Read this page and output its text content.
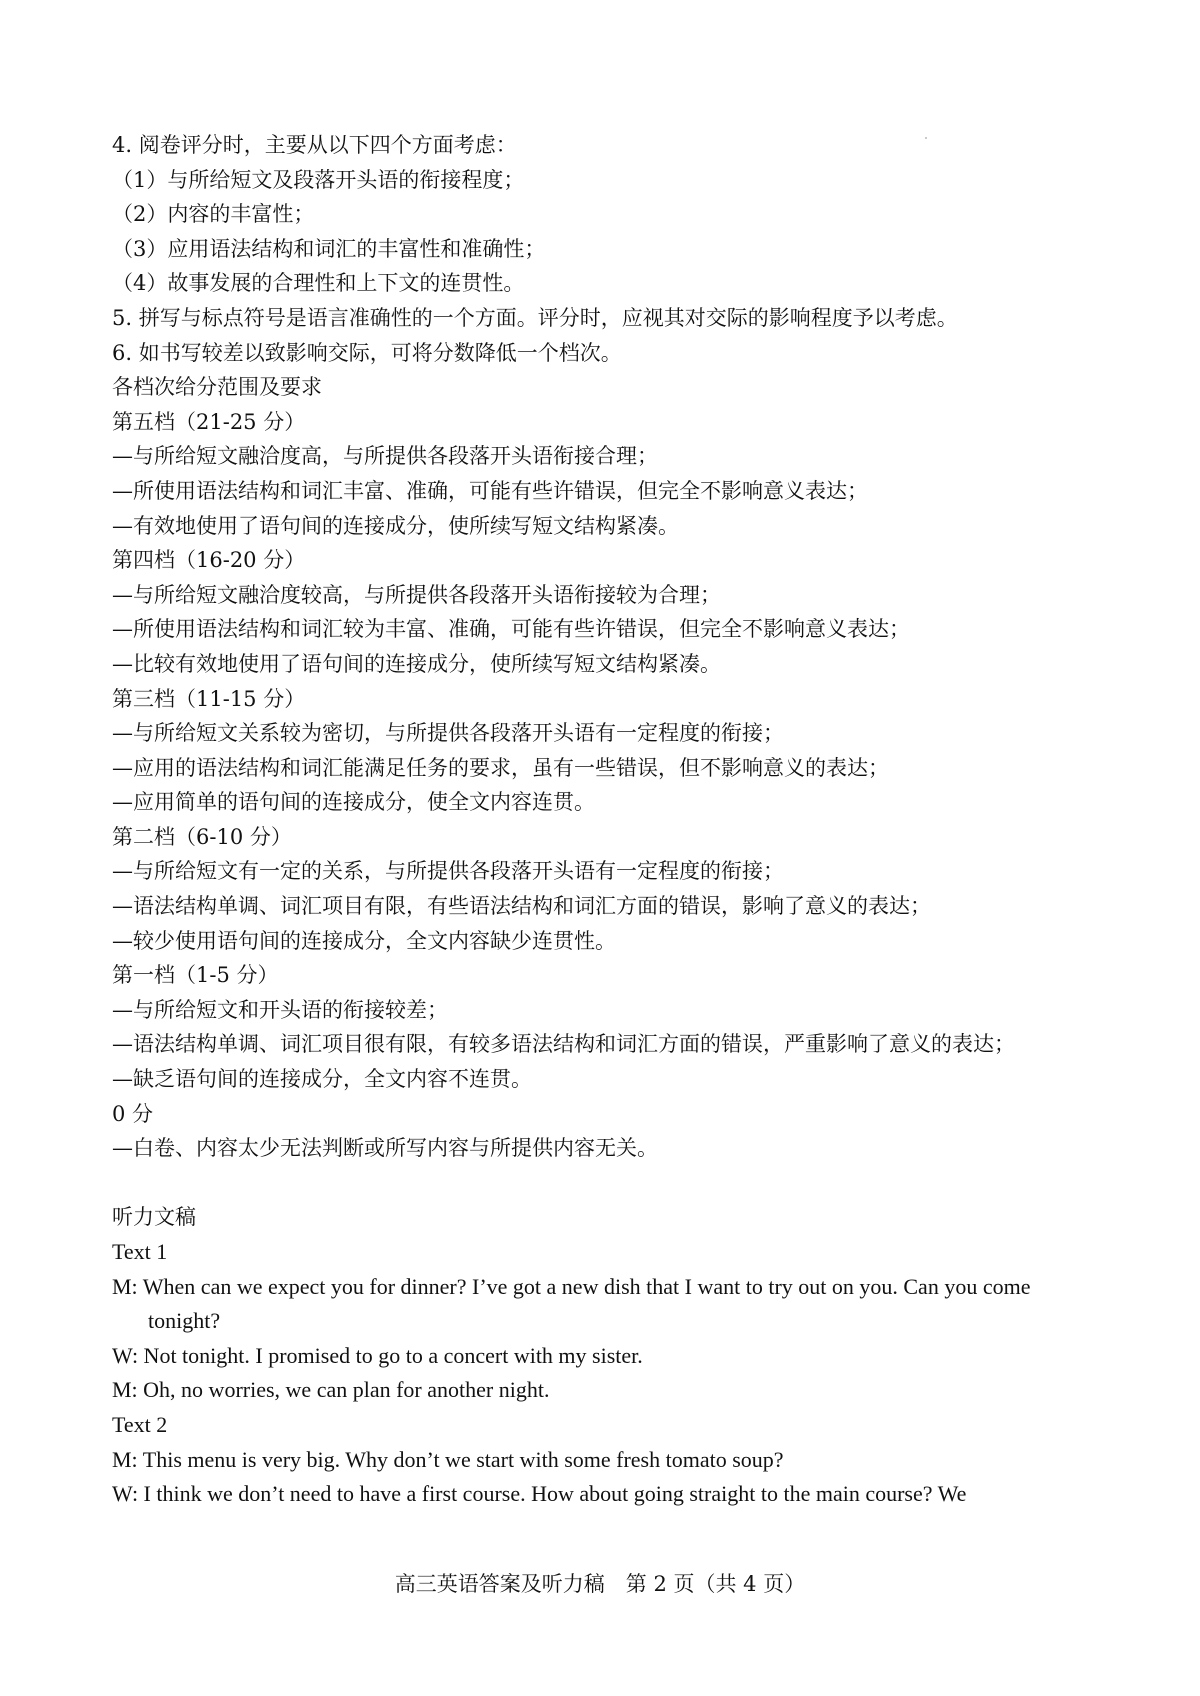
4. 阅卷评分时，主要从以下四个方面考虑：
（1）与所给短文及段落开头语的衔接程度；
（2）内容的丰富性；
（3）应用语法结构和词汇的丰富性和准确性；
（4）故事发展的合理性和上下文的连贯性。
5. 拼写与标点符号是语言准确性的一个方面。评分时，应视其对交际的影响程度予以考虑。
6. 如书写较差以致影响交际，可将分数降低一个档次。
各档次给分范围及要求
第五档（21-25 分）
—与所给短文融洽度高，与所提供各段落开头语衔接合理；
—所使用语法结构和词汇丰富、准确，可能有些许错误，但完全不影响意义表达；
—有效地使用了语句间的连接成分，使所续写短文结构紧凑。
第四档（16-20 分）
—与所给短文融洽度较高，与所提供各段落开头语衔接较为合理；
—所使用语法结构和词汇较为丰富、准确，可能有些许错误，但完全不影响意义表达；
—比较有效地使用了语句间的连接成分，使所续写短文结构紧凑。
第三档（11-15 分）
—与所给短文关系较为密切，与所提供各段落开头语有一定程度的衔接；
—应用的语法结构和词汇能满足任务的要求，虽有一些错误，但不影响意义的表达；
—应用简单的语句间的连接成分，使全文内容连贯。
第二档（6-10 分）
—与所给短文有一定的关系，与所提供各段落开头语有一定程度的衔接；
—语法结构单调、词汇项目有限，有些语法结构和词汇方面的错误，影响了意义的表达；
—较少使用语句间的连接成分，全文内容缺少连贯性。
第一档（1-5 分）
—与所给短文和开头语的衔接较差；
—语法结构单调、词汇项目很有限，有较多语法结构和词汇方面的错误，严重影响了意义的表达；
—缺乏语句间的连接成分，全文内容不连贯。
0 分
—白卷、内容太少无法判断或所写内容与所提供内容无关。
听力文稿
Text 1
M: When can we expect you for dinner? I’ve got a new dish that I want to try out on you. Can you come tonight?
W: Not tonight. I promised to go to a concert with my sister.
M: Oh, no worries, we can plan for another night.
Text 2
M: This menu is very big. Why don’t we start with some fresh tomato soup?
W: I think we don’t need to have a first course. How about going straight to the main course? We
高三英语答案及听力稿　第 2 页（共 4 页）
